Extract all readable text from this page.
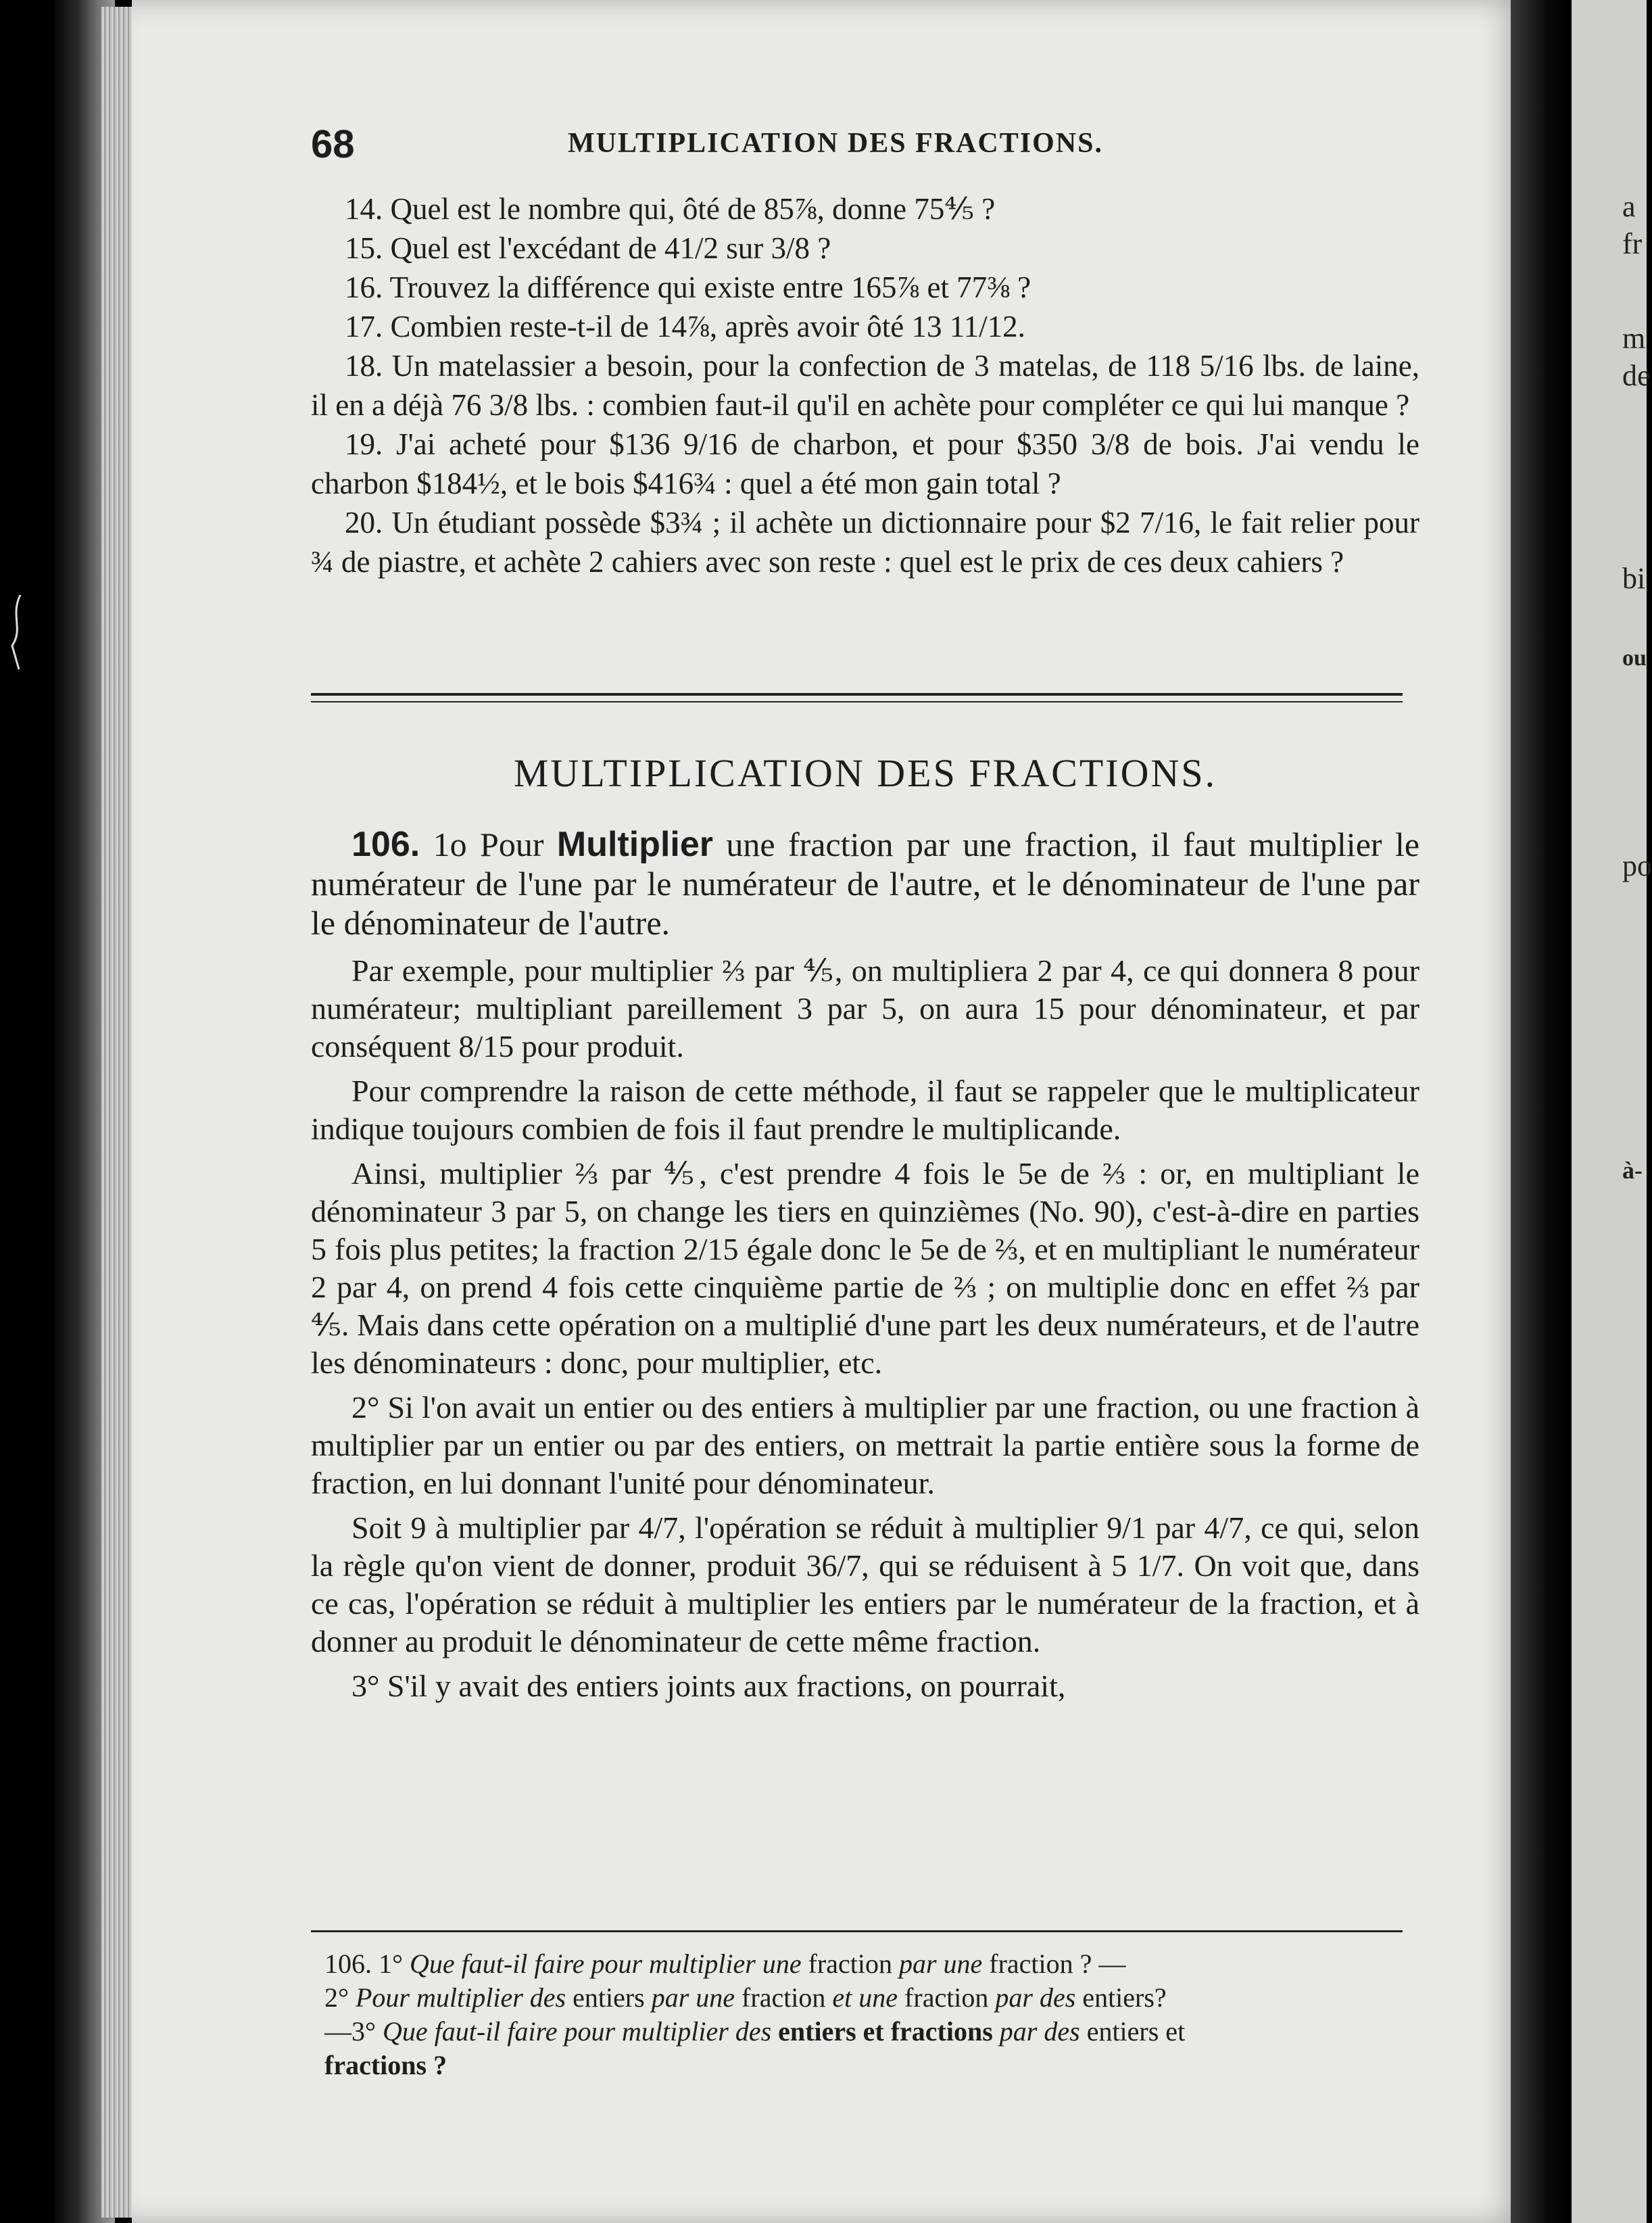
a
fr
m
de
bi
ou
po
à-
68	MULTIPLICATION DES FRACTIONS.

14. Quel est le nombre qui, ôté de 85⅞, donne 75⅘ ?

15. Quel est l'excédant de 41/2 sur 3/8 ?

16. Trouvez la différence qui existe entre 165⅞ et 77⅜ ?

17. Combien reste-t-il de 14⅞, après avoir ôté 13 11/12.

18. Un matelassier a besoin, pour la confection de 3 matelas, de 118 5/16 lbs. de laine, il en a déjà 76 3/8 lbs. : combien faut-il qu'il en achète pour compléter ce qui lui manque ?

19. J'ai acheté pour $136 9/16 de charbon, et pour $350 3/8 de bois. J'ai vendu le charbon $184½, et le bois $416¾ : quel a été mon gain total ?

20. Un étudiant possède $3¾ ; il achète un dictionnaire pour $2 7/16, le fait relier pour ¾ de piastre, et achète 2 cahiers avec son reste : quel est le prix de ces deux cahiers ?

MULTIPLICATION DES FRACTIONS.

106. 1o Pour Multiplier une fraction par une fraction, il faut multiplier le numérateur de l'une par le numérateur de l'autre, et le dénominateur de l'une par le dénominateur de l'autre.

Par exemple, pour multiplier ⅔ par ⅘, on multipliera 2 par 4, ce qui donnera 8 pour numérateur; multipliant pareillement 3 par 5, on aura 15 pour dénominateur, et par conséquent 8/15 pour produit.

Pour comprendre la raison de cette méthode, il faut se rappeler que le multiplicateur indique toujours combien de fois il faut prendre le multiplicande.

Ainsi, multiplier ⅔ par ⅘, c'est prendre 4 fois le 5e de ⅔ : or, en multipliant le dénominateur 3 par 5, on change les tiers en quinzièmes (No. 90), c'est-à-dire en parties 5 fois plus petites; la fraction 2/15 égale donc le 5e de ⅔, et en multipliant le numérateur 2 par 4, on prend 4 fois cette cinquième partie de ⅔ ; on multiplie donc en effet ⅔ par ⅘. Mais dans cette opération on a multiplié d'une part les deux numérateurs, et de l'autre les dénominateurs : donc, pour multiplier, etc.

2° Si l'on avait un entier ou des entiers à multiplier par une fraction, ou une fraction à multiplier par un entier ou par des entiers, on mettrait la partie entière sous la forme de fraction, en lui donnant l'unité pour dénominateur.

Soit 9 à multiplier par 4/7, l'opération se réduit à multiplier 9/1 par 4/7, ce qui, selon la règle qu'on vient de donner, produit 36/7, qui se réduisent à 5 1/7. On voit que, dans ce cas, l'opération se réduit à multiplier les entiers par le numérateur de la fraction, et à donner au produit le dénominateur de cette même fraction.

3° S'il y avait des entiers joints aux fractions, on pourrait,

106. 1° Que faut-il faire pour multiplier une fraction par une fraction ? —
2° Pour multiplier des entiers par une fraction et une fraction par des entiers?
—3° Que faut-il faire pour multiplier des entiers et fractions par des entiers et
fractions ?
